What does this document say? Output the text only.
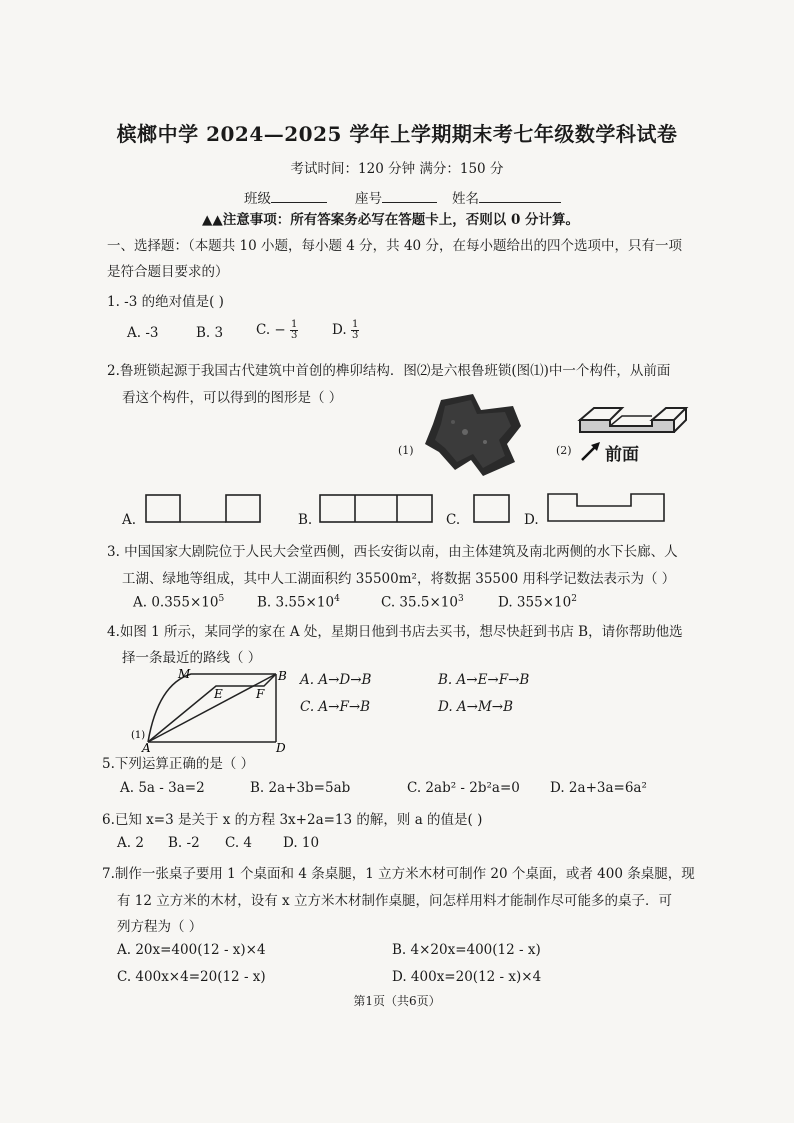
槟榔中学 2024—2025 学年上学期期末考七年级数学科试卷
考试时间：120 分钟 满分：150 分
班级	座号	姓名
▲▲注意事项：所有答案务必写在答题卡上，否则以 0 分计算。
一、选择题：（本题共 10 小题，每小题 4 分，共 40 分，在每小题给出的四个选项中，只有一项
是符合题目要求的）
1. -3 的绝对值是( )
A. -3	B. 3 C. − $\frac{1}{3} D$. $\frac{1}{3}$
2.鲁班锁起源于我国古代建筑中首创的榫卯结构．图⑵是六根鲁班锁(图⑴)中一个构件，从前面
看这个构件，可以得到的图形是（ ）
(1)	(2) 前面
A.	B.	C.	D.
3. 中国国家大剧院位于人民大会堂西侧，西长安街以南，由主体建筑及南北两侧的水下长廊、人
工湖、绿地等组成，其中人工湖面积约 35500m²，将数据 35500 用科学记数法表示为（ ）
A. $0.355\times 10^5$ B. $3.55\times 10^4$	C. $35.5\times 10^3$	D. $355\times 10^2$
4.如图 1 所示，某同学的家在 A 处，星期日他到书店去买书，想尽快赶到书店 B，请你帮助他选
择一条最近的路线（ ）
M
E	F
B
A	D
(1)
A. A→D→B	B. A→E→F→B
C. A→F→B	D. A→M→B
5.下列运算正确的是（ ）
A. 5a - 3a=2	B. 2a+3b=5ab	C. 2ab² - 2b²a=0 D. 2a+3a=6a²
6.已知 x=3 是关于 x 的方程 3x+2a=13 的解，则 a 的值是( )
A. 2 B. -2 C. 4 D. 10
7.制作一张桌子要用 1 个桌面和 4 条桌腿，1 立方米木材可制作 20 个桌面，或者 400 条桌腿，现
有 12 立方米的木材，设有 x 立方米木材制作桌腿，问怎样用料才能制作尽可能多的桌子．可
列方程为（ ）
A. 20x=400(12 - x)×4	B. 4×20x=400(12 - x)
C. 400x×4=20(12 - x)	D. 400x=20(12 - x)×4
第1页（共6页）
